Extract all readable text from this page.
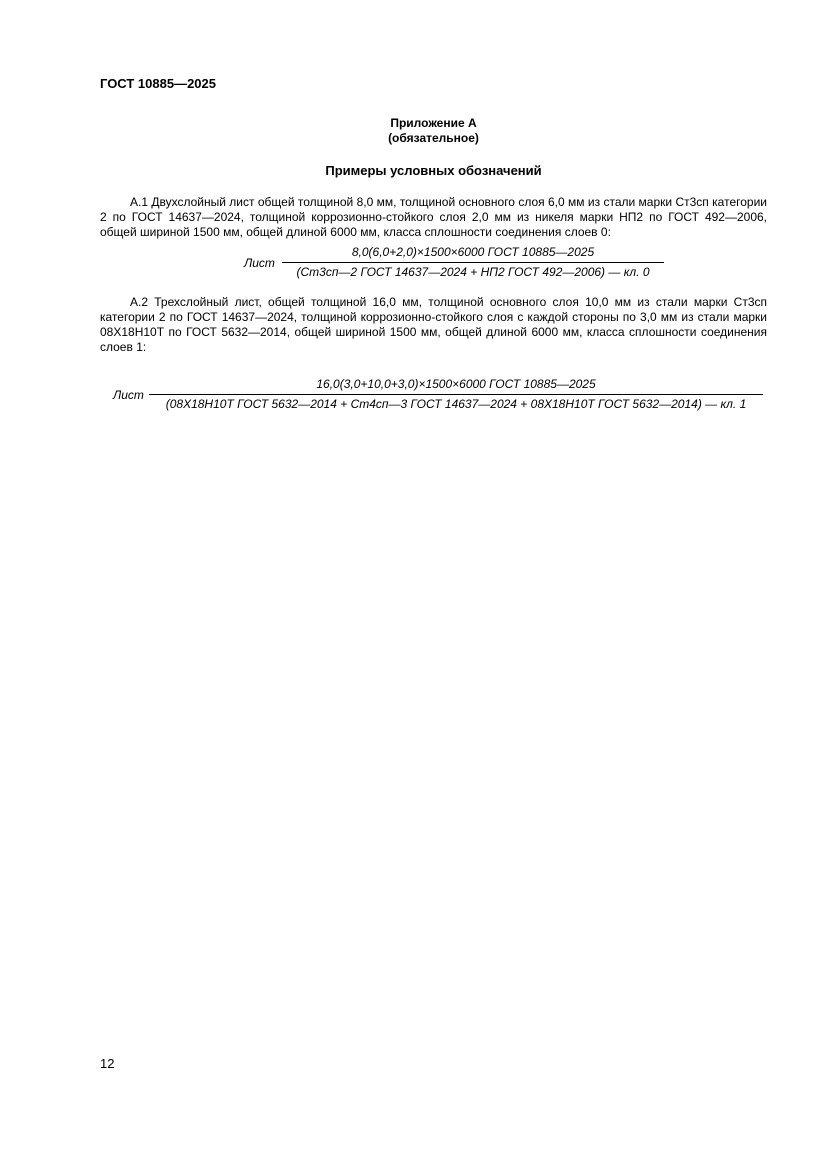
ГОСТ 10885—2025
Приложение А
(обязательное)
Примеры условных обозначений
А.1 Двухслойный лист общей толщиной 8,0 мм, толщиной основного слоя 6,0 мм из стали марки Ст3сп категории 2 по ГОСТ 14637—2024, толщиной коррозионно-стойкого слоя 2,0 мм из никеля марки НП2 по ГОСТ 492—2006, общей шириной 1500 мм, общей длиной 6000 мм, класса сплошности соединения слоев 0:
Лист
8,0(6,0+2,0)×1500×6000 ГОСТ 10885—2025
(Ст3сп—2 ГОСТ 14637—2024 + НП2 ГОСТ 492—2006) — кл. 0
А.2 Трехслойный лист, общей толщиной 16,0 мм, толщиной основного слоя 10,0 мм из стали марки Ст3сп категории 2 по ГОСТ 14637—2024, толщиной коррозионно-стойкого слоя с каждой стороны по 3,0 мм из стали марки 08Х18Н10Т по ГОСТ 5632—2014, общей шириной 1500 мм, общей длиной 6000 мм, класса сплошности соединения слоев 1:
Лист
16,0(3,0+10,0+3,0)×1500×6000 ГОСТ 10885—2025
(08Х18Н10Т ГОСТ 5632—2014 + Ст4сп—3 ГОСТ 14637—2024 + 08Х18Н10Т ГОСТ 5632—2014) — кл. 1
12
